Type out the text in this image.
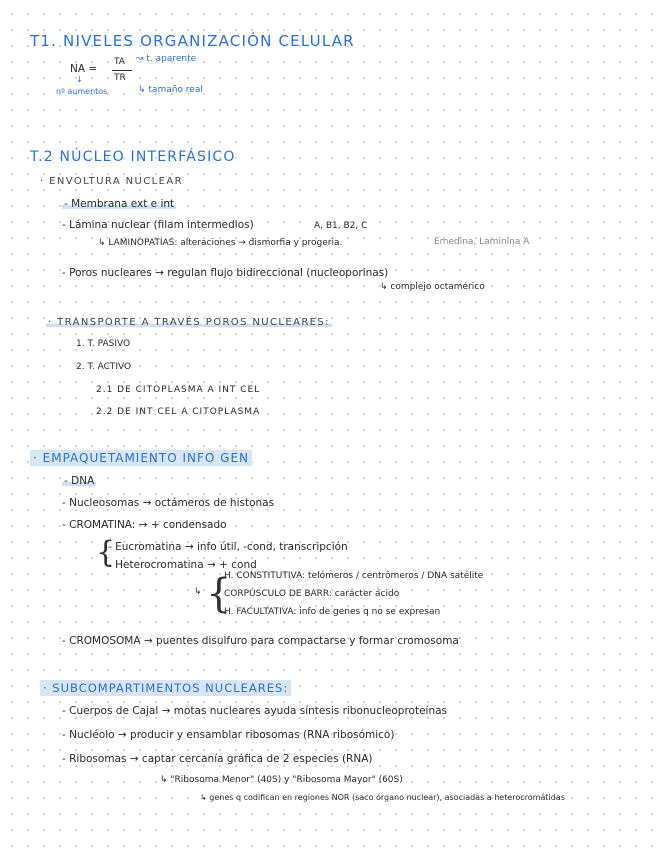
T1. NIVELES ORGANIZACIÓN CELULAR
NA =
TA
TR
↝ t. aparente
↓
nº aumentos	↳ tamaño real
T.2 NÚCLEO INTERFÁSICO
· ENVOLTURA NUCLEAR
- Membrana ext e int
- Lámina nuclear (filam intermedios)	A, B1, B2, C
↳ LAMINOPATÍAS: alteraciones → dismorfia y progeria.	Emedina, Laminina A
- Poros nucleares → regulan flujo bidireccional (nucleoporinas)
↳ complejo octamérico
· TRANSPORTE A TRAVÉS POROS NUCLEARES:
1. T. PASIVO
2. T. ACTIVO
2.1 DE CITOPLASMA A INT CEL
2.2 DE INT CEL A CITOPLASMA
· EMPAQUETAMIENTO INFO GEN
- DNA
- Nucleosomas → octámeros de histonas
- CROMATINA: → + condensado
{
- Eucromatina → info útil, -cond, transcripción
- Heterocromatina → + cond
↳ {
H. CONSTITUTIVA: telómeros / centrómeros / DNA satélite
CORPÚSCULO DE BARR: carácter ácido
H. FACULTATIVA: info de genes q no se expresan
- CROMOSOMA → puentes disulfuro para compactarse y formar cromosoma
· SUBCOMPARTIMENTOS NUCLEARES:
- Cuerpos de Cajal → motas nucleares ayuda síntesis ribonucleoproteínas
- Nucléolo → producir y ensamblar ribosomas (RNA ribosómico)
- Ribosomas → captar cercanía gráfica de 2 especies (RNA)
↳ "Ribosoma Menor" (40S) y "Ribosoma Mayor" (60S)
↳ genes q codifican en regiones NOR (saco órgano nuclear), asociadas a heterocromátidas
